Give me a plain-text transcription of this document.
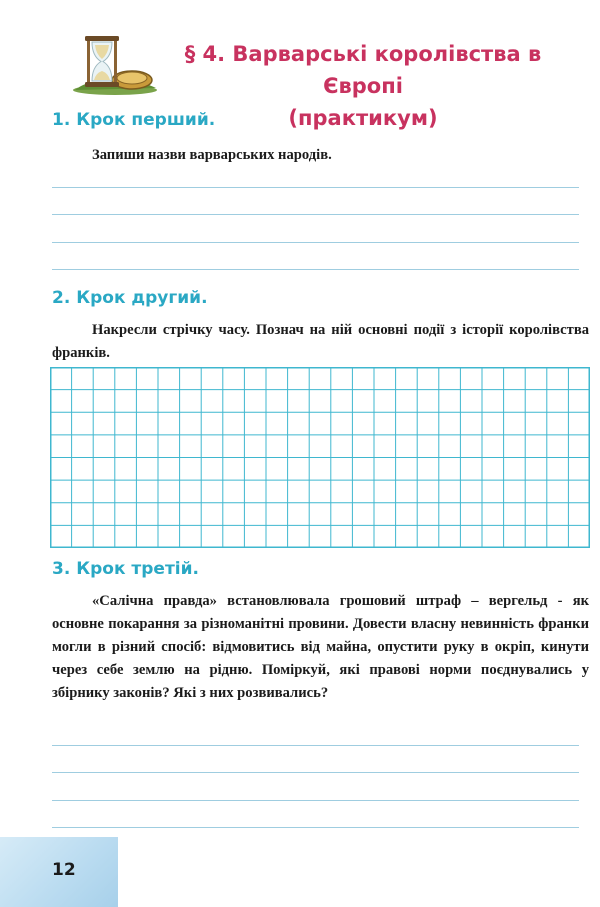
§ 4. Варварські королівства в Європі
(практикум)
1. Крок перший.
Запиши назви варварських народів.
2. Крок другий.
Накресли стрічку часу. Познач на ній основні події з історії королівства франків.
3. Крок третій.
«Салічна правда» встановлювала грошовий штраф – вергельд - як основне покарання за різноманітні провини. Довести власну невинність франки могли в різний спосіб: відмовитись від майна, опустити руку в окріп, кинути через себе землю на рідню. Поміркуй, які правові норми поєднувались у збірнику законів? Які з них розвивались?
12
